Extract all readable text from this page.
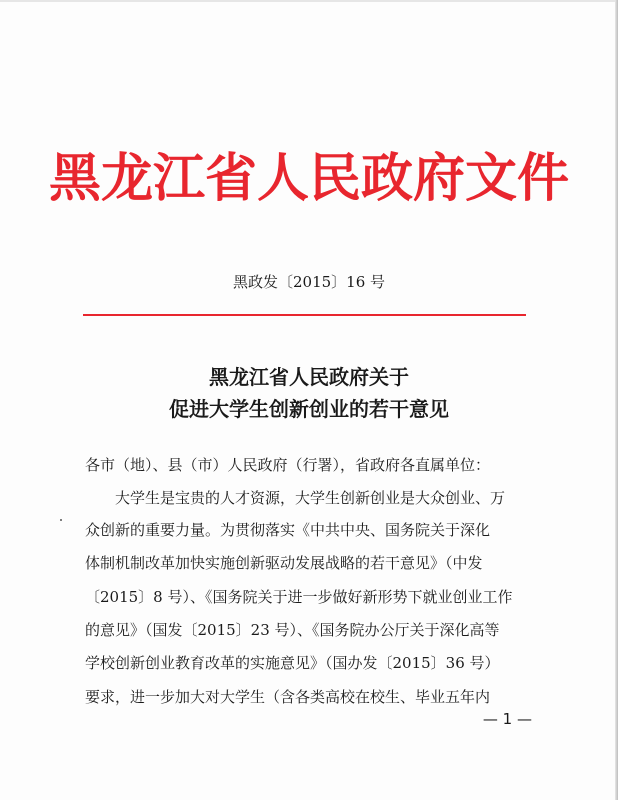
黑龙江省人民政府文件
黑政发〔2015〕16 号
黑龙江省人民政府关于
促进大学生创新创业的若干意见
各市（地）、县（市）人民政府（行署），省政府各直属单位：
大学生是宝贵的人才资源，大学生创新创业是大众创业、万
众创新的重要力量。为贯彻落实《中共中央、国务院关于深化
体制机制改革加快实施创新驱动发展战略的若干意见》（中发
〔2015〕8 号）、《国务院关于进一步做好新形势下就业创业工作
的意见》（国发〔2015〕23 号）、《国务院办公厅关于深化高等
学校创新创业教育改革的实施意见》（国办发〔2015〕36 号）
要求，进一步加大对大学生（含各类高校在校生、毕业五年内
— 1 —
